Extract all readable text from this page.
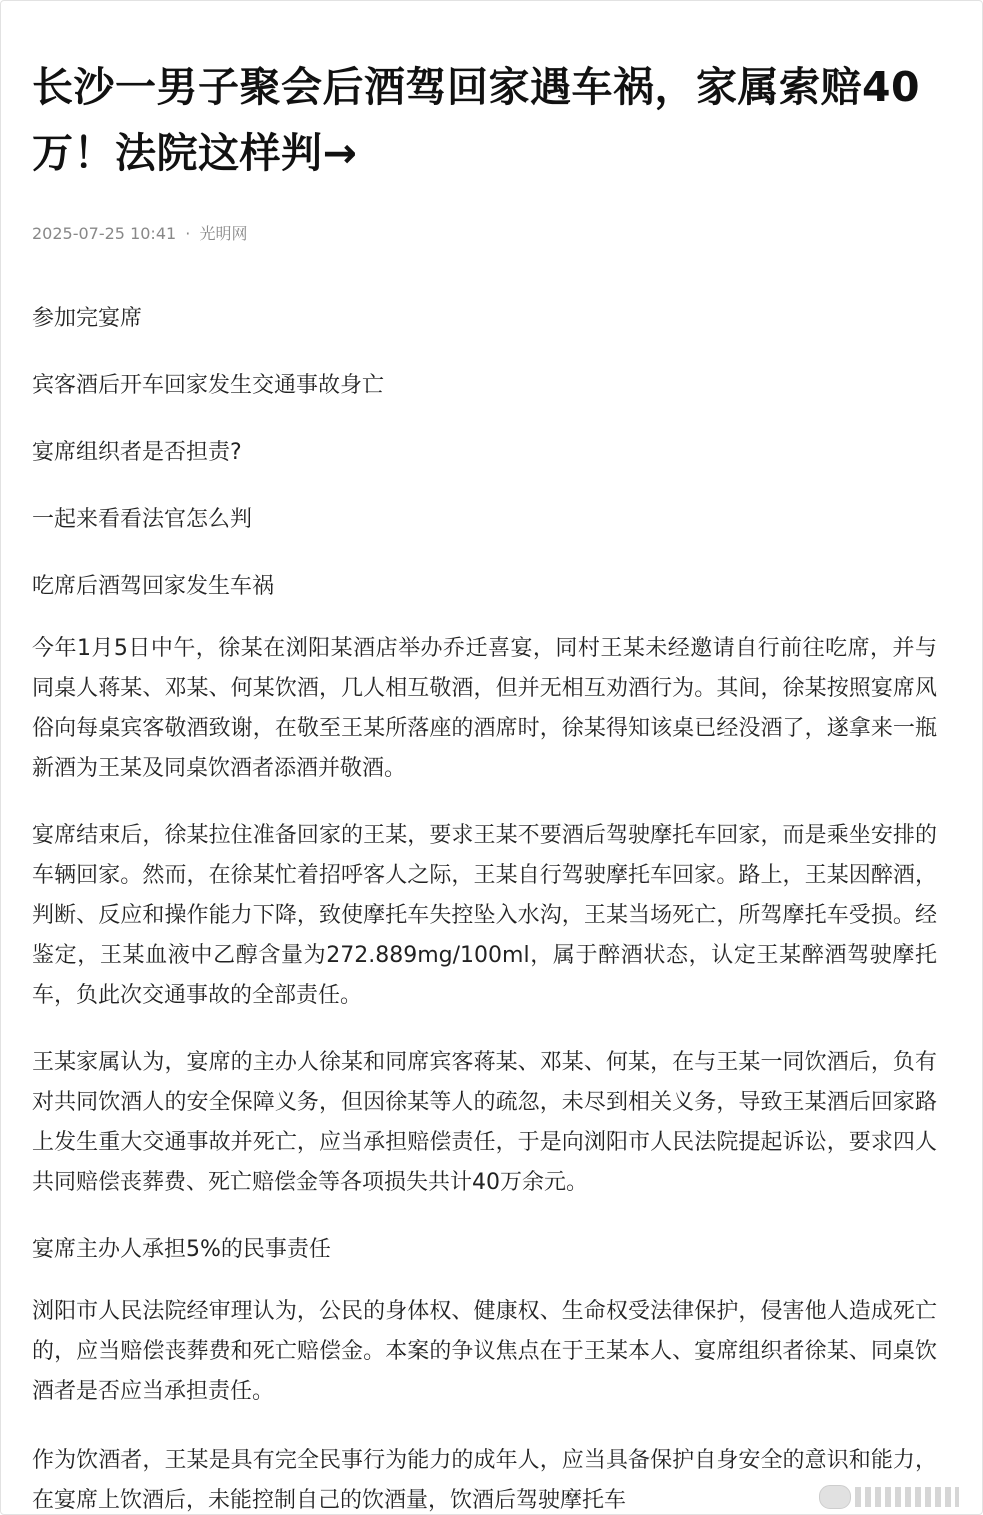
长沙一男子聚会后酒驾回家遇车祸，家属索赔40万！法院这样判→
2025-07-25 10:41 · 光明网

参加完宴席

宾客酒后开车回家发生交通事故身亡

宴席组织者是否担责?

一起来看看法官怎么判

吃席后酒驾回家发生车祸

今年1月5日中午，徐某在浏阳某酒店举办乔迁喜宴，同村王某未经邀请自行前往吃席，并与同桌人蒋某、邓某、何某饮酒，几人相互敬酒，但并无相互劝酒行为。其间，徐某按照宴席风俗向每桌宾客敬酒致谢，在敬至王某所落座的酒席时，徐某得知该桌已经没酒了，遂拿来一瓶新酒为王某及同桌饮酒者添酒并敬酒。

宴席结束后，徐某拉住准备回家的王某，要求王某不要酒后驾驶摩托车回家，而是乘坐安排的车辆回家。然而，在徐某忙着招呼客人之际，王某自行驾驶摩托车回家。路上，王某因醉酒，判断、反应和操作能力下降，致使摩托车失控坠入水沟，王某当场死亡，所驾摩托车受损。经鉴定，王某血液中乙醇含量为272.889mg/100ml，属于醉酒状态，认定王某醉酒驾驶摩托车，负此次交通事故的全部责任。

王某家属认为，宴席的主办人徐某和同席宾客蒋某、邓某、何某，在与王某一同饮酒后，负有对共同饮酒人的安全保障义务，但因徐某等人的疏忽，未尽到相关义务，导致王某酒后回家路上发生重大交通事故并死亡，应当承担赔偿责任，于是向浏阳市人民法院提起诉讼，要求四人共同赔偿丧葬费、死亡赔偿金等各项损失共计40万余元。

宴席主办人承担5%的民事责任

浏阳市人民法院经审理认为，公民的身体权、健康权、生命权受法律保护，侵害他人造成死亡的，应当赔偿丧葬费和死亡赔偿金。本案的争议焦点在于王某本人、宴席组织者徐某、同桌饮酒者是否应当承担责任。

作为饮酒者，王某是具有完全民事行为能力的成年人，应当具备保护自身安全的意识和能力，在宴席上饮酒后，未能控制自己的饮酒量，饮酒后驾驶摩托车
